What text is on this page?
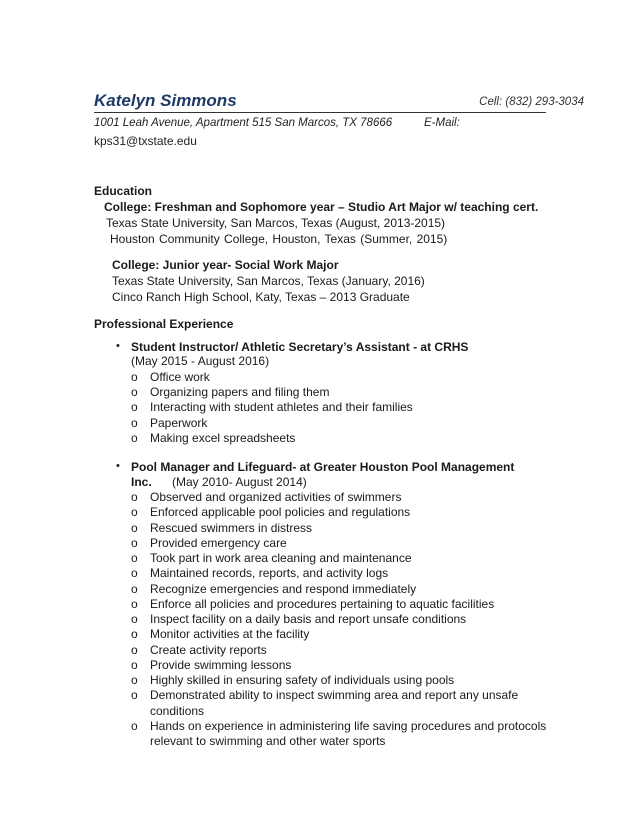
Katelyn Simmons	Cell: (832) 293-3034
1001 Leah Avenue, Apartment 515 San Marcos, TX 78666	E-Mail:
kps31@txstate.edu
Education
College: Freshman and Sophomore year – Studio Art Major w/ teaching cert.
Texas State University, San Marcos, Texas (August, 2013-2015)
Houston Community College, Houston, Texas (Summer, 2015)
College: Junior year- Social Work Major
Texas State University, San Marcos, Texas (January, 2016)
Cinco Ranch High School, Katy, Texas – 2013 Graduate
Professional Experience
• Student Instructor/ Athletic Secretary’s Assistant - at CRHS
(May 2015 - August 2016)
o Office work
o Organizing papers and filing them
o Interacting with student athletes and their families
o Paperwork
o Making excel spreadsheets
• Pool Manager and Lifeguard- at Greater Houston Pool Management
Inc. (May 2010- August 2014)
o Observed and organized activities of swimmers
o Enforced applicable pool policies and regulations
o Rescued swimmers in distress
o Provided emergency care
o Took part in work area cleaning and maintenance
o Maintained records, reports, and activity logs
o Recognize emergencies and respond immediately
o Enforce all policies and procedures pertaining to aquatic facilities
o Inspect facility on a daily basis and report unsafe conditions
o Monitor activities at the facility
o Create activity reports
o Provide swimming lessons
o Highly skilled in ensuring safety of individuals using pools
o Demonstrated ability to inspect swimming area and report any unsafe
conditions
o Hands on experience in administering life saving procedures and protocols
relevant to swimming and other water sports
